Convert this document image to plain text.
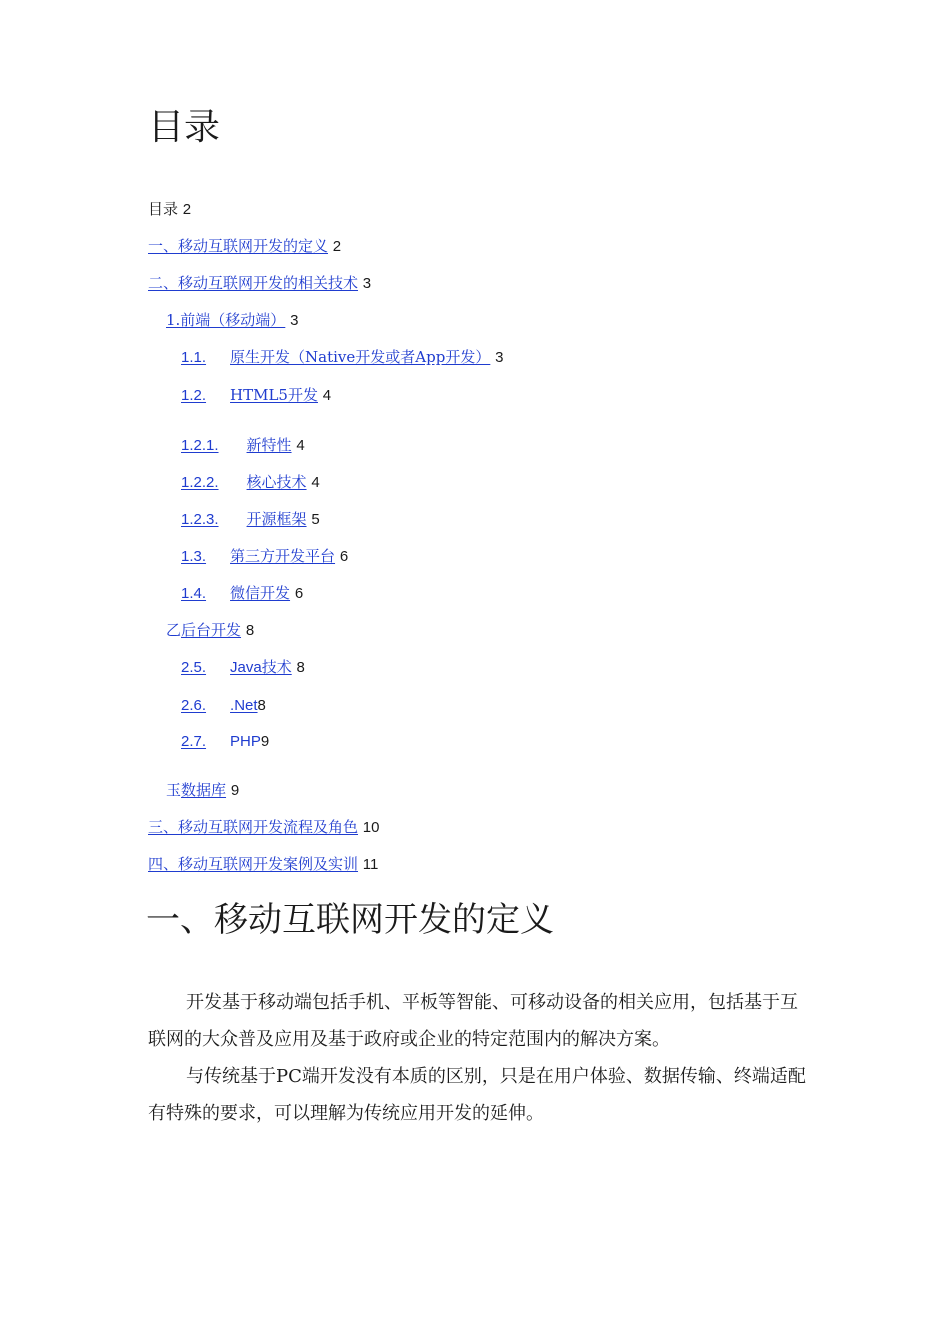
目录
目录 2
一、移动互联网开发的定义 2
二、移动互联网开发的相关技术 3
1.前端（移动端） 3
1.1. 原生开发（Native开发或者App开发） 3
1.2. HTML5开发 4
1.2.1. 新特性 4
1.2.2. 核心技术 4
1.2.3. 开源框架 5
1.3. 第三方开发平台 6
1.4. 微信开发 6
乙后台开发 8
2.5. Java技术 8
2.6. .Net8
2.7. PHP9
玉数据库 9
三、移动互联网开发流程及角色 10
四、移动互联网开发案例及实训 11
一、移动互联网开发的定义

开发基于移动端包括手机、平板等智能、可移动设备的相关应用，包括基于互联网的大众普及应用及基于政府或企业的特定范围内的解决方案。

与传统基于PC端开发没有本质的区别，只是在用户体验、数据传输、终端适配有特殊的要求，可以理解为传统应用开发的延伸。
